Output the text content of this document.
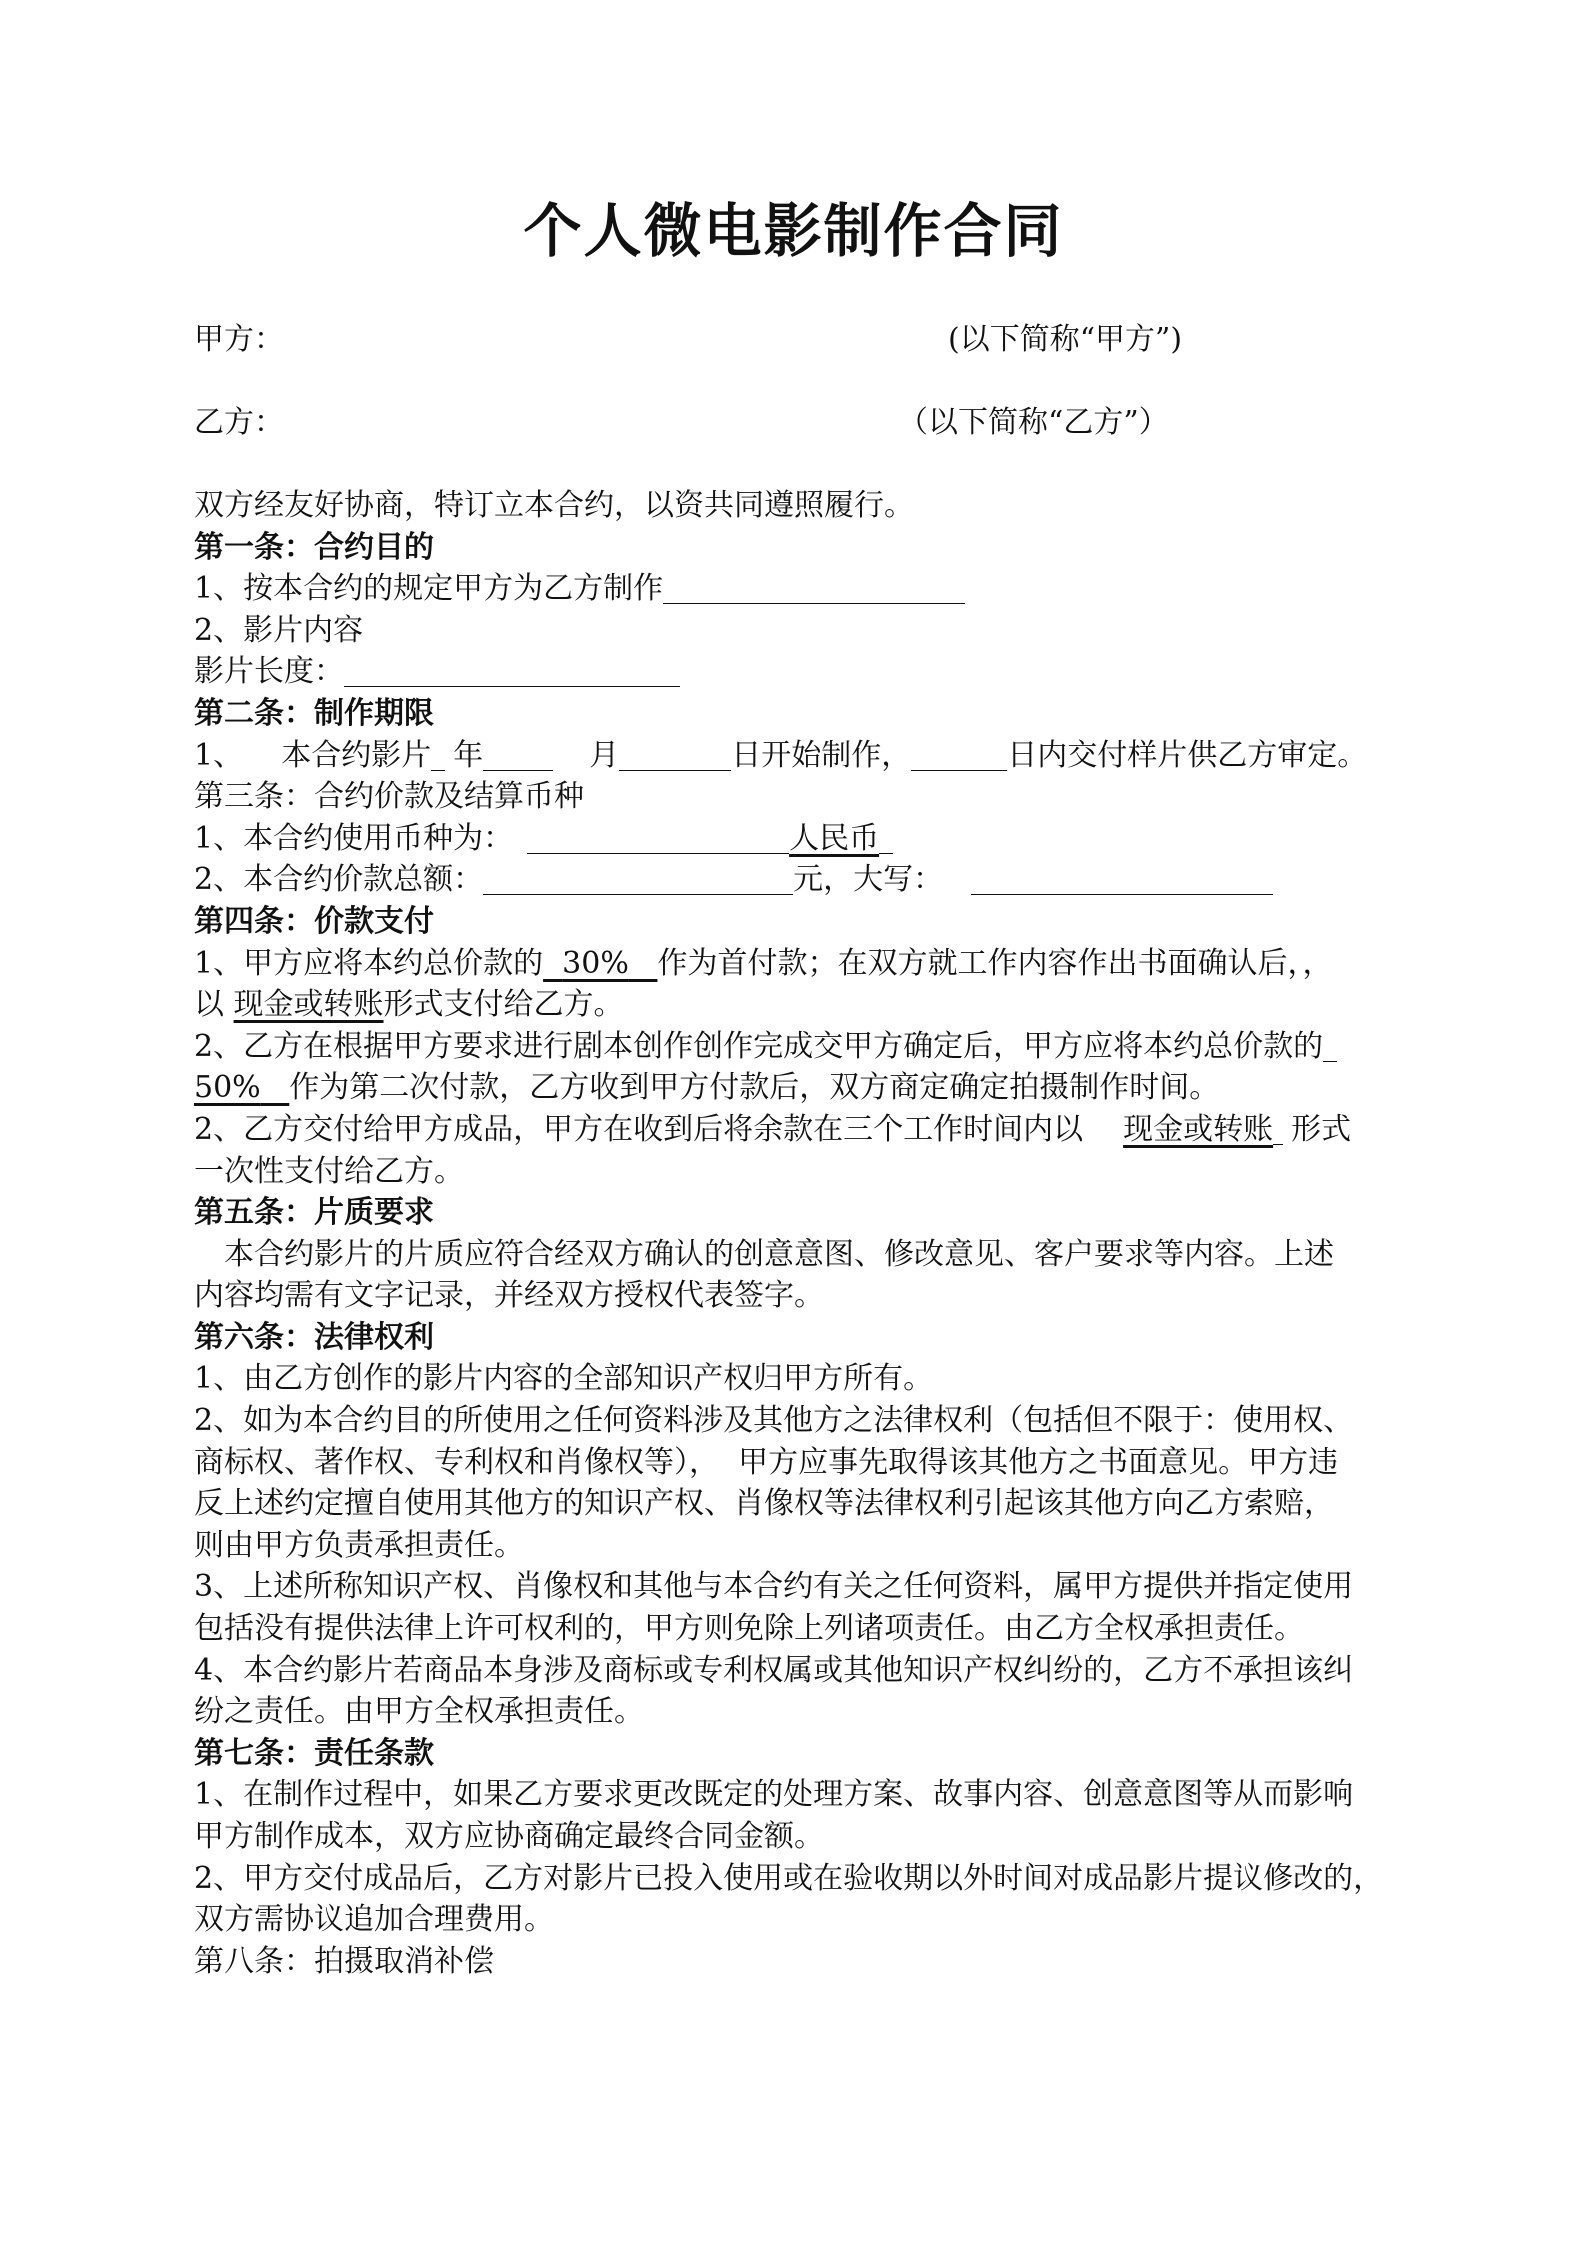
个人微电影制作合同
甲方：	(以下简称“甲方”)
乙方：	（以下简称“乙方”）
双方经友好协商，特订立本合约，以资共同遵照履行。
第一条：合约目的
1、按本合约的规定甲方为乙方制作
2、影片内容
影片长度：
第二条：制作期限
1、    本合约影片 年	月	日开始制作，	日内交付样片供乙方审定。
第三条：合约价款及结算币种
1、本合约使用币种为：	人民币
2、本合约价款总额：	元，大写：
第四条：价款支付
1、甲方应将本约总价款的 30% 作为首付款；在双方就工作内容作出书面确认后，，
以 现金或转账形式支付给乙方。
2、乙方在根据甲方要求进行剧本创作创作完成交甲方确定后，甲方应将本约总价款的
50% 作为第二次付款，乙方收到甲方付款后，双方商定确定拍摄制作时间。
2、乙方交付给甲方成品，甲方在收到后将余款在三个工作时间内以 现金或转账 形式
一次性支付给乙方。
第五条：片质要求
本合约影片的片质应符合经双方确认的创意意图、修改意见、客户要求等内容。上述
内容均需有文字记录，并经双方授权代表签字。
第六条：法律权利
1、由乙方创作的影片内容的全部知识产权归甲方所有。
2、如为本合约目的所使用之任何资料涉及其他方之法律权利（包括但不限于：使用权、
商标权、著作权、专利权和肖像权等），  甲方应事先取得该其他方之书面意见。甲方违
反上述约定擅自使用其他方的知识产权、肖像权等法律权利引起该其他方向乙方索赔，
则由甲方负责承担责任。
3、上述所称知识产权、肖像权和其他与本合约有关之任何资料，属甲方提供并指定使用
包括没有提供法律上许可权利的，甲方则免除上列诸项责任。由乙方全权承担责任。
4、本合约影片若商品本身涉及商标或专利权属或其他知识产权纠纷的，乙方不承担该纠
纷之责任。由甲方全权承担责任。
第七条：责任条款
1、在制作过程中，如果乙方要求更改既定的处理方案、故事内容、创意意图等从而影响
甲方制作成本，双方应协商确定最终合同金额。
2、甲方交付成品后，乙方对影片已投入使用或在验收期以外时间对成品影片提议修改的，
双方需协议追加合理费用。
第八条：拍摄取消补偿
